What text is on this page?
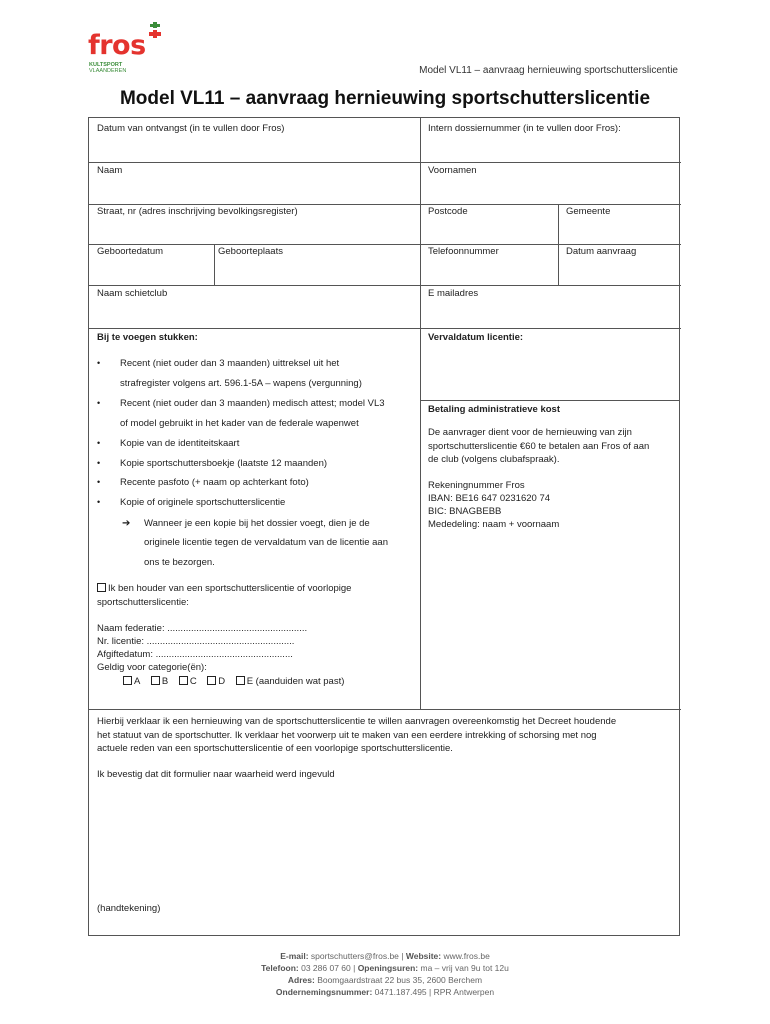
fros
KULTSPORT
VLAANDEREN	Model VL11 – aanvraag hernieuwing sportschutterslicentie
Model VL11 – aanvraag hernieuwing sportschutterslicentie
Datum van ontvangst (in te vullen door Fros)	Intern dossiernummer (in te vullen door Fros):
Naam	Voornamen
Straat, nr (adres inschrijving bevolkingsregister)	Postcode	Gemeente
Geboortedatum	Geboorteplaats	Telefoonnummer	Datum aanvraag
Naam schietclub	E mailadres
Bij te voegen stukken:
• Recent (niet ouder dan 3 maanden) uittreksel uit het
strafregister volgens art. 596.1-5A – wapens (vergunning)
• Recent (niet ouder dan 3 maanden) medisch attest; model VL3
of model gebruikt in het kader van de federale wapenwet
• Kopie van de identiteitskaart
• Kopie sportschuttersboekje (laatste 12 maanden)
• Recente pasfoto (+ naam op achterkant foto)
• Kopie of originele sportschutterslicentie
➔ Wanneer je een kopie bij het dossier voegt, dien je de
originele licentie tegen de vervaldatum van de licentie aan
ons te bezorgen.
Ik ben houder van een sportschutterslicentie of voorlopige
sportschutterslicentie:
Naam federatie: .....................................................
Nr. licentie: ........................................................
Afgiftedatum: ....................................................
Geldig voor categorie(ën):
A B C D E (aanduiden wat past)
Vervaldatum licentie:
Betaling administratieve kost
De aanvrager dient voor de hernieuwing van zijn
sportschutterslicentie €60 te betalen aan Fros of aan
de club (volgens clubafspraak).
Rekeningnummer Fros
IBAN: BE16 647 0231620 74
BIC: BNAGBEBB
Mededeling: naam + voornaam
Hierbij verklaar ik een hernieuwing van de sportschutterslicentie te willen aanvragen overeenkomstig het Decreet houdende
het statuut van de sportschutter. Ik verklaar het voorwerp uit te maken van een eerdere intrekking of schorsing met nog
actuele reden van een sportschutterslicentie of een voorlopige sportschutterslicentie.
Ik bevestig dat dit formulier naar waarheid werd ingevuld
(handtekening)
E-mail: sportschutters@fros.be | Website: www.fros.be
Telefoon: 03 286 07 60 | Openingsuren: ma – vrij van 9u tot 12u
Adres: Boomgaardstraat 22 bus 35, 2600 Berchem
Ondernemingsnummer: 0471.187.495 | RPR Antwerpen
